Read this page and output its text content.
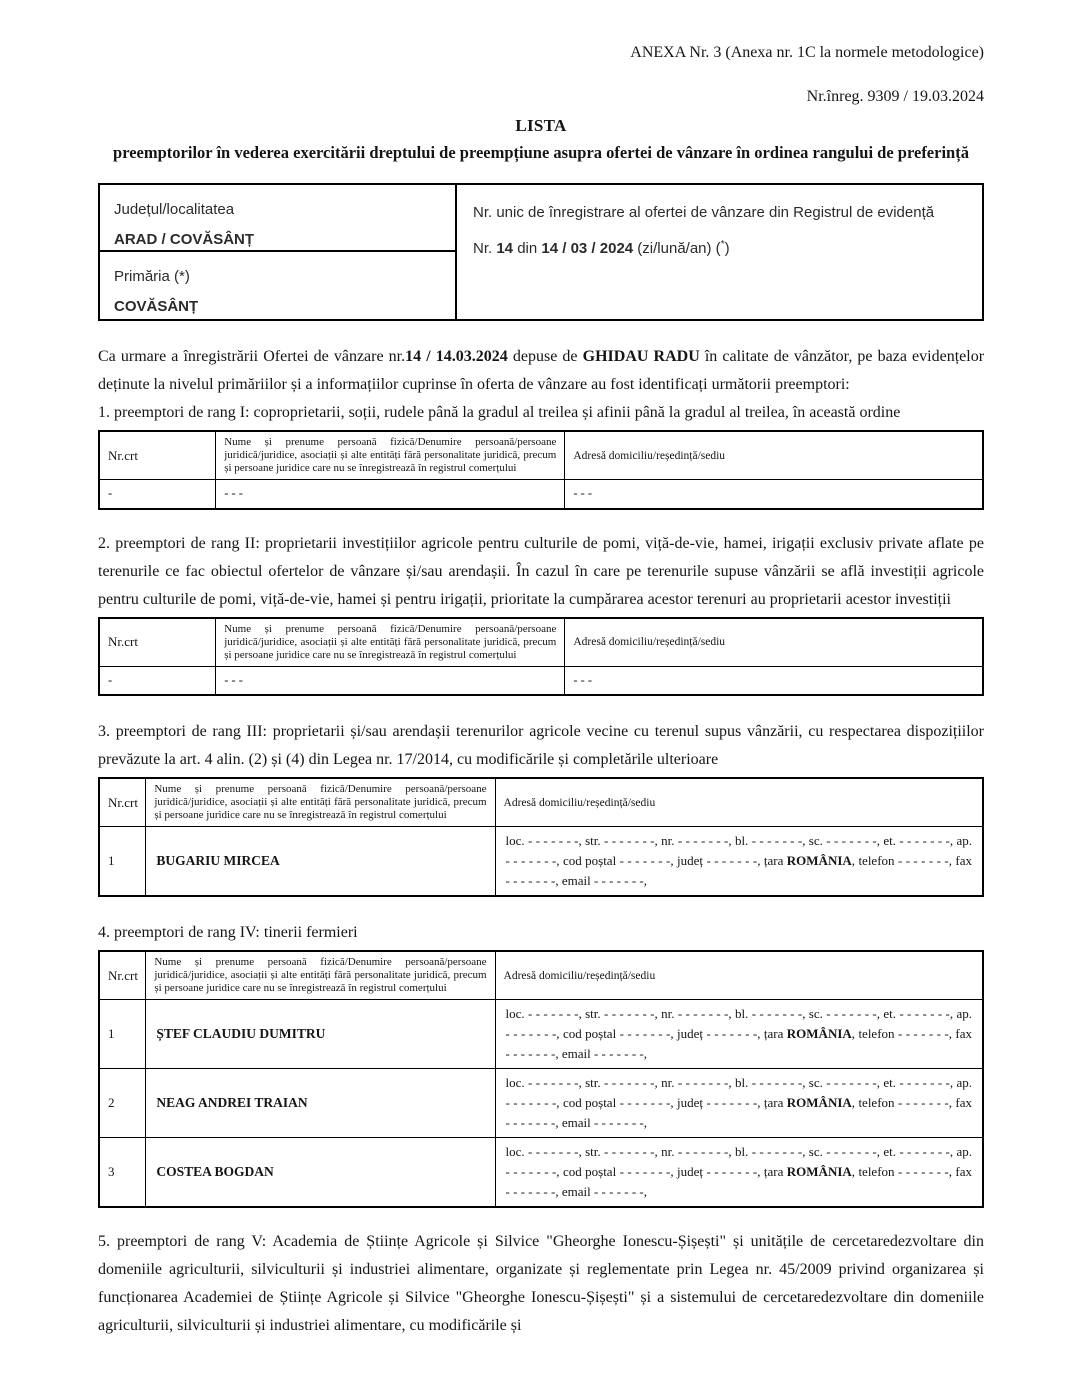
ANEXA Nr. 3 (Anexa nr. 1C la normele metodologice)
Nr.înreg. 9309 / 19.03.2024
LISTA
preemptorilor în vederea exercitării dreptului de preempțiune asupra ofertei de vânzare în ordinea rangului de preferință
Județul/localitatea
ARAD / COVĂSÂNȚ
Nr. unic de înregistrare al ofertei de vânzare din Registrul de evidență
Nr. 14 din 14 / 03 / 2024 (zi/lună/an) (*)
Primăria (*)
COVĂSÂNȚ

Ca urmare a înregistrării Ofertei de vânzare nr.14 / 14.03.2024 depuse de GHIDAU RADU în calitate de vânzător, pe baza evidențelor deținute la nivelul primăriilor și a informațiilor cuprinse în oferta de vânzare au fost identificați următorii preemptori:

1. preemptori de rang I: coproprietarii, soții, rudele până la gradul al treilea și afinii până la gradul al treilea, în această ordine

Nr.crt	Nume și prenume persoană fizică/Denumire persoană/persoane juridică/juridice, asociații și alte entități fără personalitate juridică, precum și persoane juridice care nu se înregistrează în registrul comerțului	Adresă domiciliu/reședință/sediu
-	- - -	- - -

2. preemptori de rang II: proprietarii investițiilor agricole pentru culturile de pomi, viță-de-vie, hamei, irigații exclusiv private aflate pe terenurile ce fac obiectul ofertelor de vânzare și/sau arendașii. În cazul în care pe terenurile supuse vânzării se află investiții agricole pentru culturile de pomi, viță-de-vie, hamei și pentru irigații, prioritate la cumpărarea acestor terenuri au proprietarii acestor investiții

Nr.crt	Nume și prenume persoană fizică/Denumire persoană/persoane juridică/juridice, asociații și alte entități fără personalitate juridică, precum și persoane juridice care nu se înregistrează în registrul comerțului	Adresă domiciliu/reședință/sediu
-	- - -	- - -

3. preemptori de rang III: proprietarii și/sau arendașii terenurilor agricole vecine cu terenul supus vânzării, cu respectarea dispozițiilor prevăzute la art. 4 alin. (2) și (4) din Legea nr. 17/2014, cu modificările și completările ulterioare

Nr.crt	Nume și prenume persoană fizică/Denumire persoană/persoane juridică/juridice, asociații și alte entități fără personalitate juridică, precum și persoane juridice care nu se înregistrează în registrul comerțului	Adresă domiciliu/reședință/sediu
1	BUGARIU MIRCEA	loc. - - - - - - -, str. - - - - - - -, nr. - - - - - - -, bl. - - - - - - -, sc. - - - - - - -, et. - - - - - - -, ap. - - - - - - -, cod poștal - - - - - - -, județ - - - - - - -, țara ROMÂNIA, telefon - - - - - - -, fax - - - - - - -, email - - - - - - -,

4. preemptori de rang IV: tinerii fermieri

Nr.crt	Nume și prenume persoană fizică/Denumire persoană/persoane juridică/juridice, asociații și alte entități fără personalitate juridică, precum și persoane juridice care nu se înregistrează în registrul comerțului	Adresă domiciliu/reședință/sediu
1	ȘTEF CLAUDIU DUMITRU	loc. - - - - - - -, str. - - - - - - -, nr. - - - - - - -, bl. - - - - - - -, sc. - - - - - - -, et. - - - - - - -, ap. - - - - - - -, cod poștal - - - - - - -, județ - - - - - - -, țara ROMÂNIA, telefon - - - - - - -, fax - - - - - - -, email - - - - - - -,
2	NEAG ANDREI TRAIAN	loc. - - - - - - -, str. - - - - - - -, nr. - - - - - - -, bl. - - - - - - -, sc. - - - - - - -, et. - - - - - - -, ap. - - - - - - -, cod poștal - - - - - - -, județ - - - - - - -, țara ROMÂNIA, telefon - - - - - - -, fax - - - - - - -, email - - - - - - -,
3	COSTEA BOGDAN	loc. - - - - - - -, str. - - - - - - -, nr. - - - - - - -, bl. - - - - - - -, sc. - - - - - - -, et. - - - - - - -, ap. - - - - - - -, cod poștal - - - - - - -, județ - - - - - - -, țara ROMÂNIA, telefon - - - - - - -, fax - - - - - - -, email - - - - - - -,

5. preemptori de rang V: Academia de Științe Agricole și Silvice "Gheorghe Ionescu-Șișești" și unitățile de cercetaredezvoltare din domeniile agriculturii, silviculturii și industriei alimentare, organizate și reglementate prin Legea nr. 45/2009 privind organizarea și funcționarea Academiei de Științe Agricole și Silvice "Gheorghe Ionescu-Șișești" și a sistemului de cercetaredezvoltare din domeniile agriculturii, silviculturii și industriei alimentare, cu modificările și
